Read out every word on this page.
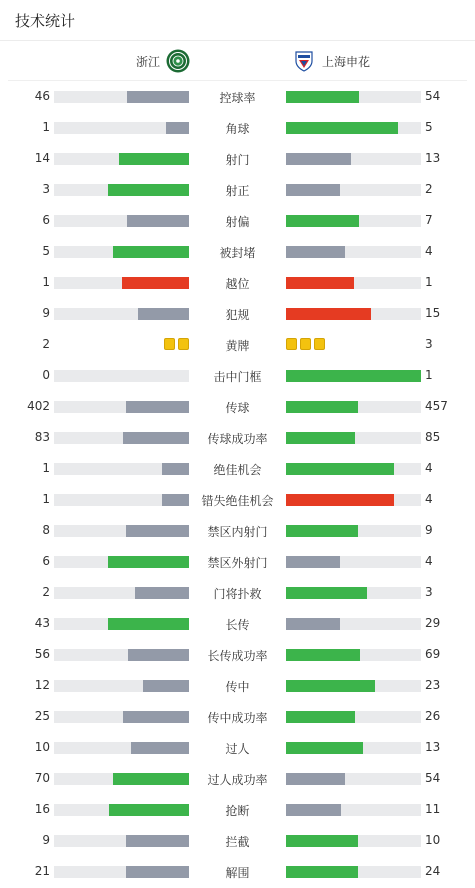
技术统计
浙江	上海申花
46	控球率	54
1	角球	5
14	射门	13
3	射正	2
6	射偏	7
5	被封堵	4
1	越位	1
9	犯规	15
2	黄牌	3
0	击中门框	1
402	传球	457
83	传球成功率	85
1	绝佳机会	4
1	错失绝佳机会	4
8	禁区内射门	9
6	禁区外射门	4
2	门将扑救	3
43	长传	29
56	长传成功率	69
12	传中	23
25	传中成功率	26
10	过人	13
70	过人成功率	54
16	抢断	11
9	拦截	10
21	解围	24
